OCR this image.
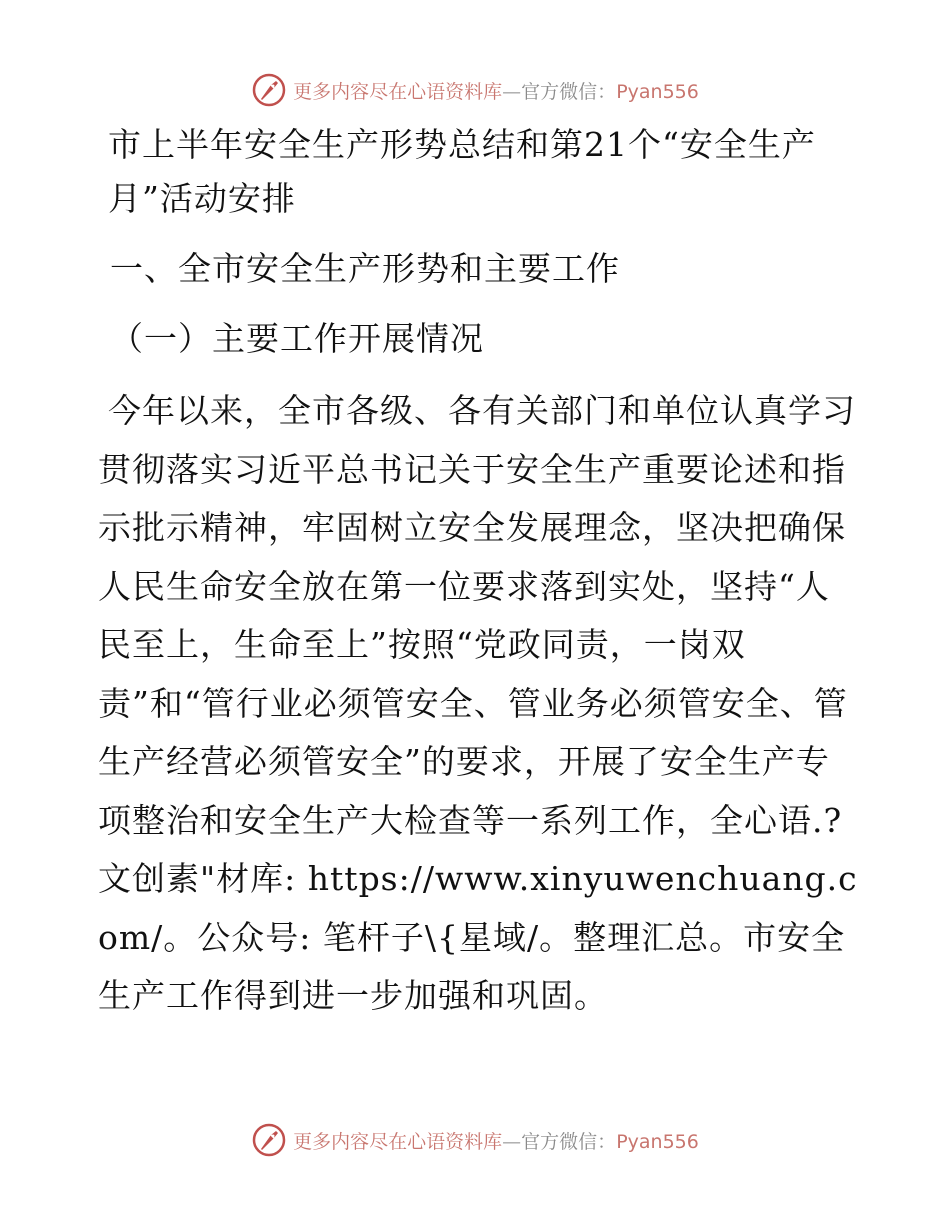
更多内容尽在心语资料库—官方微信：Pyan556
市上半年安全生产形势总结和第21个“安全生产月”活动安排
一、全市安全生产形势和主要工作
（一）主要工作开展情况

今年以来，全市各级、各有关部门和单位认真学习贯彻落实习近平总书记关于安全生产重要论述和指示批示精神，牢固树立安全发展理念，坚决把确保人民生命安全放在第一位要求落到实处，坚持“人民至上，生命至上”按照“党政同责，一岗双责”和“管行业必须管安全、管业务必须管安全、管生产经营必须管安全”的要求，开展了安全生产专项整治和安全生产大检查等一系列工作，全心语.?文创素"材库: https://www.xinyuwenchuang.com/。公众号: 笔杆子\{星域/。整理汇总。市安全生产工作得到进一步加强和巩固。

更多内容尽在心语资料库—官方微信：Pyan556
